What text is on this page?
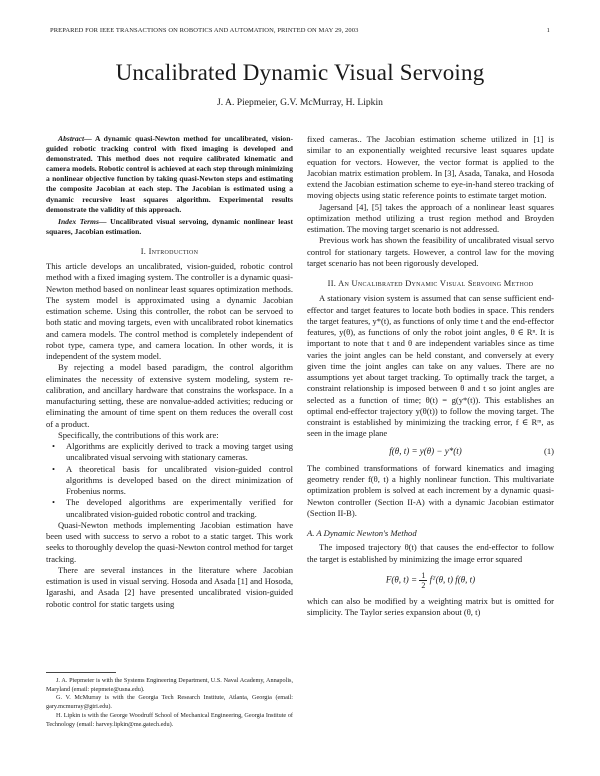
PREPARED FOR IEEE TRANSACTIONS ON ROBOTICS AND AUTOMATION, PRINTED ON MAY 29, 2003	1
Uncalibrated Dynamic Visual Servoing
J. A. Piepmeier, G.V. McMurray, H. Lipkin

Abstract— A dynamic quasi-Newton method for uncalibrated, vision-guided robotic tracking control with fixed imaging is developed and demonstrated. This method does not require calibrated kinematic and camera models. Robotic control is achieved at each step through minimizing a nonlinear objective function by taking quasi-Newton steps and estimating the composite Jacobian at each step. The Jacobian is estimated using a dynamic recursive least squares algorithm. Experimental results demonstrate the validity of this approach.

Index Terms— Uncalibrated visual servoing, dynamic nonlinear least squares, Jacobian estimation.

I. Introduction

This article develops an uncalibrated, vision-guided, robotic control method with a fixed imaging system. The controller is a dynamic quasi-Newton method based on nonlinear least squares optimization methods. The system model is approximated using a dynamic Jacobian estimation scheme. Using this controller, the robot can be servoed to both static and moving targets, even with uncalibrated robot kinematics and camera models. The control method is completely independent of robot type, camera type, and camera location. In other words, it is independent of the system model.

By rejecting a model based paradigm, the control algorithm eliminates the necessity of extensive system modeling, system re-calibration, and ancillary hardware that constrains the workspace. In a manufacturing setting, these are nonvalue-added activities; reducing or eliminating the amount of time spent on them reduces the overall cost of a product.

Specifically, the contributions of this work are:

• Algorithms are explicitly derived to track a moving target using uncalibrated visual servoing with stationary cameras.
• A theoretical basis for uncalibrated vision-guided control algorithms is developed based on the direct minimization of Frobenius norms.
• The developed algorithms are experimentally verified for uncalibrated vision-guided robotic control and tracking.

Quasi-Newton methods implementing Jacobian estimation have been used with success to servo a robot to a static target. This work seeks to thoroughly develop the quasi-Newton control method for target tracking.

There are several instances in the literature where Jacobian estimation is used in visual serving. Hosoda and Asada [1] and Hosoda, Igarashi, and Asada [2] have presented uncalibrated vision-guided robotic control for static targets using

J. A. Piepmeier is with the Systems Engineering Department, U.S. Naval Academy, Annapolis, Maryland (email: piepmeie@usna.edu).

G. V. McMurray is with the Georgia Tech Research Institute, Atlanta, Georgia (email: gary.mcmurray@gtri.edu).

H. Lipkin is with the George Woodruff School of Mechanical Engineering, Georgia Institute of Technology (email: harvey.lipkin@me.gatech.edu).

fixed cameras.. The Jacobian estimation scheme utilized in [1] is similar to an exponentially weighted recursive least squares update equation for vectors. However, the vector format is applied to the Jacobian matrix estimation problem. In [3], Asada, Tanaka, and Hosoda extend the Jacobian estimation scheme to eye-in-hand stereo tracking of moving objects using static reference points to estimate target motion.

Jagersand [4], [5] takes the approach of a nonlinear least squares optimization method utilizing a trust region method and Broyden estimation. The moving target scenario is not addressed.

Previous work has shown the feasibility of uncalibrated visual servo control for stationary targets. However, a control law for the moving target scenario has not been rigorously developed.

II. An Uncalibrated Dynamic Visual Servoing Method

A stationary vision system is assumed that can sense sufficient end-effector and target features to locate both bodies in space. This renders the target features, y*(t), as functions of only time t and the end-effector features, y(θ), as functions of only the robot joint angles, θ ∈ Rⁿ. It is important to note that t and θ are independent variables since as time varies the joint angles can be held constant, and conversely at every given time the joint angles can take on any values. There are no assumptions yet about target tracking. To optimally track the target, a constraint relationship is imposed between θ and t so joint angles are selected as a function of time; θ(t) = g(y*(t)). This establishes an optimal end-effector trajectory y(θ(t)) to follow the moving target. The constraint is established by minimizing the tracking error, f ∈ Rᵐ, as seen in the image plane

f(θ, t) = y(θ) − y*(t)	(1)

The combined transformations of forward kinematics and imaging geometry render f(θ, t) a highly nonlinear function. This multivariate optimization problem is solved at each increment by a dynamic quasi-Newton controller (Section II-A) with a dynamic Jacobian estimator (Section II-B).

A. A Dynamic Newton's Method

The imposed trajectory θ(t) that causes the end-effector to follow the target is established by minimizing the image error squared

F(θ, $t) = \frac{1}{2}$ fᵀ(θ, t) f(θ, t)

which can also be modified by a weighting matrix but is omitted for simplicity. The Taylor series expansion about (θ, t)
